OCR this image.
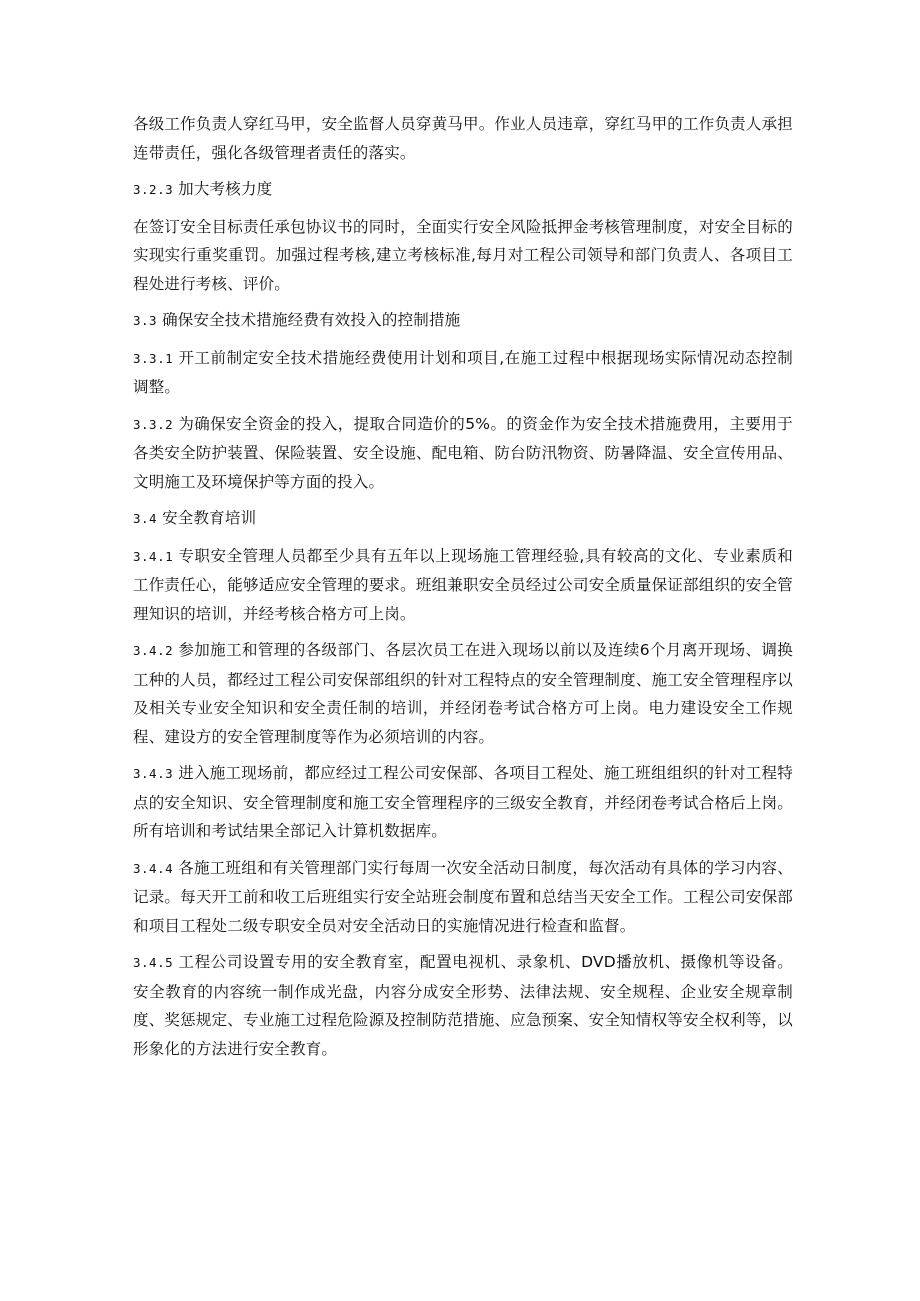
各级工作负责人穿红马甲，安全监督人员穿黄马甲。作业人员违章，穿红马甲的工作负责人承担连带责任，强化各级管理者责任的落实。

3.2.3 加大考核力度

在签订安全目标责任承包协议书的同时，全面实行安全风险抵押金考核管理制度，对安全目标的实现实行重奖重罚。加强过程考核,建立考核标准,每月对工程公司领导和部门负责人、各项目工程处进行考核、评价。

3.3 确保安全技术措施经费有效投入的控制措施

3.3.1 开工前制定安全技术措施经费使用计划和项目,在施工过程中根据现场实际情况动态控制调整。

3.3.2 为确保安全资金的投入，提取合同造价的5%。的资金作为安全技术措施费用，主要用于各类安全防护装置、保险装置、安全设施、配电箱、防台防汛物资、防暑降温、安全宣传用品、文明施工及环境保护等方面的投入。

3.4 安全教育培训

3.4.1 专职安全管理人员都至少具有五年以上现场施工管理经验,具有较高的文化、专业素质和工作责任心，能够适应安全管理的要求。班组兼职安全员经过公司安全质量保证部组织的安全管理知识的培训，并经考核合格方可上岗。

3.4.2 参加施工和管理的各级部门、各层次员工在进入现场以前以及连续6个月离开现场、调换工种的人员，都经过工程公司安保部组织的针对工程特点的安全管理制度、施工安全管理程序以及相关专业安全知识和安全责任制的培训，并经闭卷考试合格方可上岗。电力建设安全工作规程、建设方的安全管理制度等作为必须培训的内容。

3.4.3 进入施工现场前，都应经过工程公司安保部、各项目工程处、施工班组组织的针对工程特点的安全知识、安全管理制度和施工安全管理程序的三级安全教育，并经闭卷考试合格后上岗。所有培训和考试结果全部记入计算机数据库。

3.4.4 各施工班组和有关管理部门实行每周一次安全活动日制度，每次活动有具体的学习内容、记录。每天开工前和收工后班组实行安全站班会制度布置和总结当天安全工作。工程公司安保部和项目工程处二级专职安全员对安全活动日的实施情况进行检查和监督。

3.4.5 工程公司设置专用的安全教育室，配置电视机、录象机、DVD播放机、摄像机等设备。安全教育的内容统一制作成光盘，内容分成安全形势、法律法规、安全规程、企业安全规章制度、奖惩规定、专业施工过程危险源及控制防范措施、应急预案、安全知情权等安全权利等，以形象化的方法进行安全教育。
